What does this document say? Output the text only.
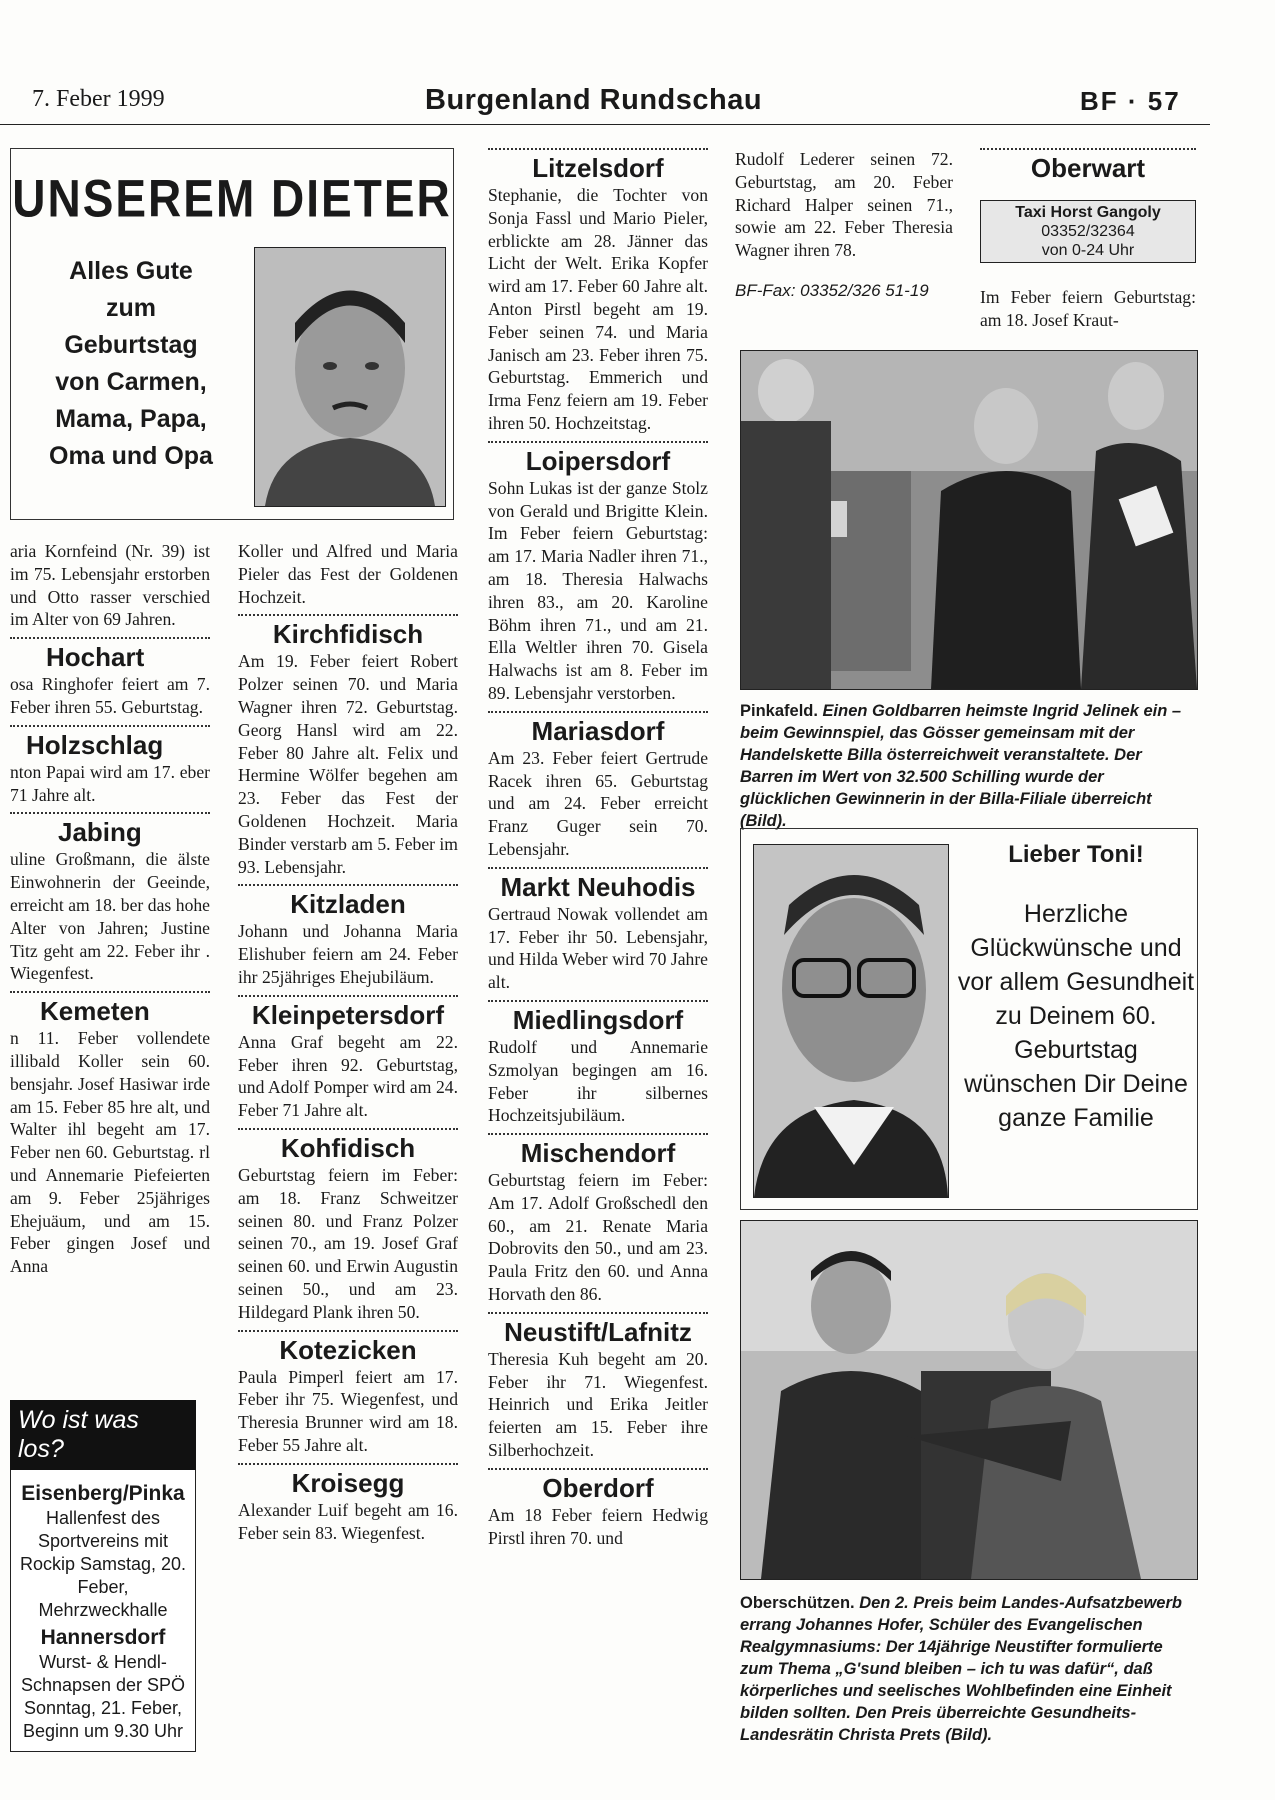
7. Feber 1999	Burgenland Rundschau	BF · 57
UNSEREM DIETER
Alles Gute
zum
Geburtstag
von Carmen,
Mama, Papa,
Oma und Opa

aria Kornfeind (Nr. 39) ist im 75. Lebensjahr erstorben und Otto rasser verschied im Alter von 69 Jahren.

Hochart

osa Ringhofer feiert am 7. Feber ihren 55. Geburtstag.

Holzschlag

nton Papai wird am 17. eber 71 Jahre alt.

Jabing

uline Großmann, die älste Einwohnerin der Geeinde, erreicht am 18. ber das hohe Alter von Jahren; Justine Titz geht am 22. Feber ihr . Wiegenfest.

Kemeten

n 11. Feber vollendete illibald Koller sein 60. bensjahr. Josef Hasiwar irde am 15. Feber 85 hre alt, und Walter ihl begeht am 17. Feber nen 60. Geburtstag. rl und Annemarie Piefeierten am 9. Feber 25jähriges Ehejuäum, und am 15. Feber gingen Josef und Anna

Wo ist was los?
Eisenberg/Pinka
Hallenfest des Sportvereins mit Rockip Samstag, 20. Feber, Mehrzweckhalle
Hannersdorf
Wurst- & Hendl-Schnapsen der SPÖ Sonntag, 21. Feber, Beginn um 9.30 Uhr

Koller und Alfred und Maria Pieler das Fest der Goldenen Hochzeit.

Kirchfidisch

Am 19. Feber feiert Robert Polzer seinen 70. und Maria Wagner ihren 72. Geburtstag. Georg Hansl wird am 22. Feber 80 Jahre alt. Felix und Hermine Wölfer begehen am 23. Feber das Fest der Goldenen Hochzeit. Maria Binder verstarb am 5. Feber im 93. Lebensjahr.

Kitzladen

Johann und Johanna Maria Elishuber feiern am 24. Feber ihr 25jähriges Ehejubiläum.

Kleinpetersdorf

Anna Graf begeht am 22. Feber ihren 92. Geburtstag, und Adolf Pomper wird am 24. Feber 71 Jahre alt.

Kohfidisch

Geburtstag feiern im Feber: am 18. Franz Schweitzer seinen 80. und Franz Polzer seinen 70., am 19. Josef Graf seinen 60. und Erwin Augustin seinen 50., und am 23. Hildegard Plank ihren 50.

Kotezicken

Paula Pimperl feiert am 17. Feber ihr 75. Wiegenfest, und Theresia Brunner wird am 18. Feber 55 Jahre alt.

Kroisegg

Alexander Luif begeht am 16. Feber sein 83. Wiegenfest.

Litzelsdorf

Stephanie, die Tochter von Sonja Fassl und Mario Pieler, erblickte am 28. Jänner das Licht der Welt. Erika Kopfer wird am 17. Feber 60 Jahre alt. Anton Pirstl begeht am 19. Feber seinen 74. und Maria Janisch am 23. Feber ihren 75. Geburtstag. Emmerich und Irma Fenz feiern am 19. Feber ihren 50. Hochzeitstag.

Loipersdorf

Sohn Lukas ist der ganze Stolz von Gerald und Brigitte Klein. Im Feber feiern Geburtstag: am 17. Maria Nadler ihren 71., am 18. Theresia Halwachs ihren 83., am 20. Karoline Böhm ihren 71., und am 21. Ella Weltler ihren 70. Gisela Halwachs ist am 8. Feber im 89. Lebensjahr verstorben.

Mariasdorf

Am 23. Feber feiert Gertrude Racek ihren 65. Geburtstag und am 24. Feber erreicht Franz Guger sein 70. Lebensjahr.

Markt Neuhodis

Gertraud Nowak vollendet am 17. Feber ihr 50. Lebensjahr, und Hilda Weber wird 70 Jahre alt.

Miedlingsdorf

Rudolf und Annemarie Szmolyan begingen am 16. Feber ihr silbernes Hochzeitsjubiläum.

Mischendorf

Geburtstag feiern im Feber: Am 17. Adolf Großschedl den 60., am 21. Renate Maria Dobrovits den 50., und am 23. Paula Fritz den 60. und Anna Horvath den 86.

Neustift/Lafnitz

Theresia Kuh begeht am 20. Feber ihr 71. Wiegenfest. Heinrich und Erika Jeitler feierten am 15. Feber ihre Silberhochzeit.

Oberdorf

Am 18 Feber feiern Hedwig Pirstl ihren 70. und

Rudolf Lederer seinen 72. Geburtstag, am 20. Feber Richard Halper seinen 71., sowie am 22. Feber Theresia Wagner ihren 78.

BF-Fax: 03352/326 51-19

Oberwart
Taxi Horst Gangoly
03352/32364
von 0-24 Uhr

Im Feber feiern Geburtstag: am 18. Josef Kraut-

Pinkafeld. Einen Goldbarren heimste Ingrid Jelinek ein – beim Gewinnspiel, das Gösser gemeinsam mit der Handelskette Billa österreichweit veranstaltete. Der Barren im Wert von 32.500 Schilling wurde der glücklichen Gewinnerin in der Billa-Filiale überreicht (Bild).
Lieber Toni!
Herzliche Glückwünsche und vor allem Gesundheit zu Deinem 60. Geburtstag wünschen Dir Deine ganze Familie
Oberschützen. Den 2. Preis beim Landes-Aufsatzbewerb errang Johannes Hofer, Schüler des Evangelischen Realgymnasiums: Der 14jährige Neustifter formulierte zum Thema „G'sund bleiben – ich tu was dafür“, daß körperliches und seelisches Wohlbefinden eine Einheit bilden sollten. Den Preis überreichte Gesundheits-Landesrätin Christa Prets (Bild).
